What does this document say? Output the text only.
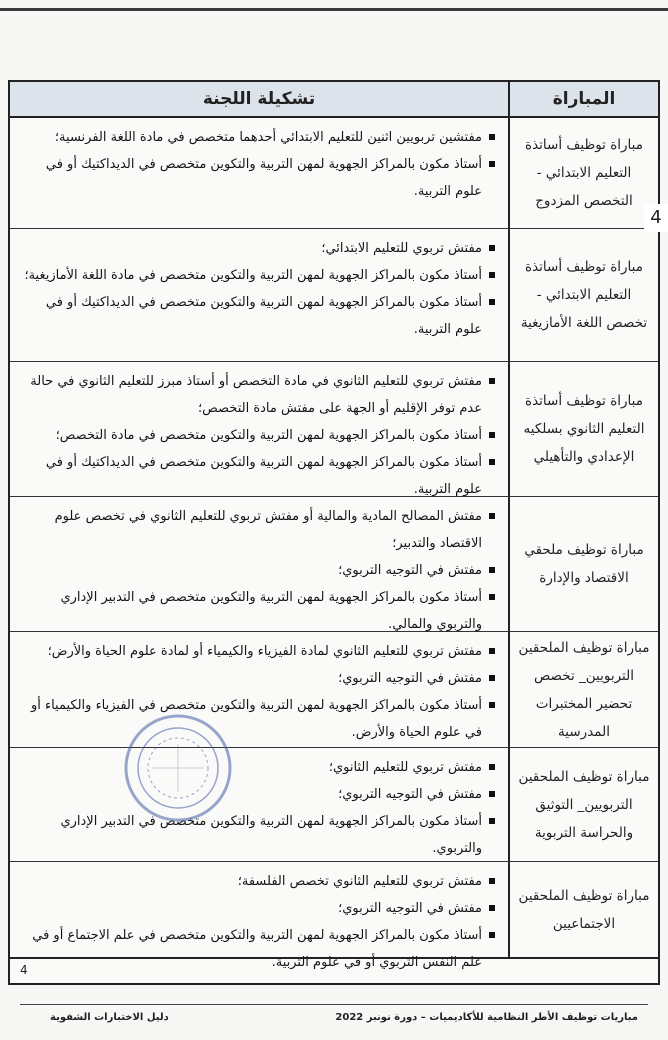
تشكيلة اللجنة	المباراة
مفتشين تربويين اثنين للتعليم الابتدائي أحدهما متخصص في مادة اللغة الفرنسية؛
أستاذ مكون بالمراكز الجهوية لمهن التربية والتكوين متخصص في الديداكتيك أو في علوم التربية.
مباراة توظيف أساتذة التعليم الابتدائي - التخصص المزدوج
مفتش تربوي للتعليم الابتدائي؛
أستاذ مكون بالمراكز الجهوية لمهن التربية والتكوين متخصص في مادة اللغة الأمازيغية؛
أستاذ مكون بالمراكز الجهوية لمهن التربية والتكوين متخصص في الديداكتيك أو في علوم التربية.
مباراة توظيف أساتذة التعليم الابتدائي - تخصص اللغة الأمازيغية
مفتش تربوي للتعليم الثانوي في مادة التخصص أو أستاذ مبرز للتعليم الثانوي في حالة عدم توفر الإقليم أو الجهة على مفتش مادة التخصص؛
أستاذ مكون بالمراكز الجهوية لمهن التربية والتكوين متخصص في مادة التخصص؛
أستاذ مكون بالمراكز الجهوية لمهن التربية والتكوين متخصص في الديداكتيك أو في علوم التربية.
مباراة توظيف أساتذة التعليم الثانوي بسلكيه الإعدادي والتأهيلي
مفتش المصالح المادية والمالية أو مفتش تربوي للتعليم الثانوي في تخصص علوم الاقتصاد والتدبير؛
مفتش في التوجيه التربوي؛
أستاذ مكون بالمراكز الجهوية لمهن التربية والتكوين متخصص في التدبير الإداري والتربوي والمالي.
مباراة توظيف ملحقي الاقتصاد والإدارة
مفتش تربوي للتعليم الثانوي لمادة الفيزياء والكيمياء أو لمادة علوم الحياة والأرض؛
مفتش في التوجيه التربوي؛
أستاذ مكون بالمراكز الجهوية لمهن التربية والتكوين متخصص في الفيزياء والكيمياء أو في علوم الحياة والأرض.
مباراة توظيف الملحقين التربويين_ تخصص تحضير المختبرات المدرسية
مفتش تربوي للتعليم الثانوي؛
مفتش في التوجيه التربوي؛
أستاذ مكون بالمراكز الجهوية لمهن التربية والتكوين متخصص في التدبير الإداري والتربوي.
مباراة توظيف الملحقين التربويين_ التوثيق والحراسة التربوية
مفتش تربوي للتعليم الثانوي تخصص الفلسفة؛
مفتش في التوجيه التربوي؛
أستاذ مكون بالمراكز الجهوية لمهن التربية والتكوين متخصص في علم الاجتماع أو في علم النفس التربوي أو في علوم التربية.
مباراة توظيف الملحقين الاجتماعيين
4
4
دليل الاختبارات الشفوية	مباريات توظيف الأطر النظامية للأكاديميات – دورة نونبر 2022
